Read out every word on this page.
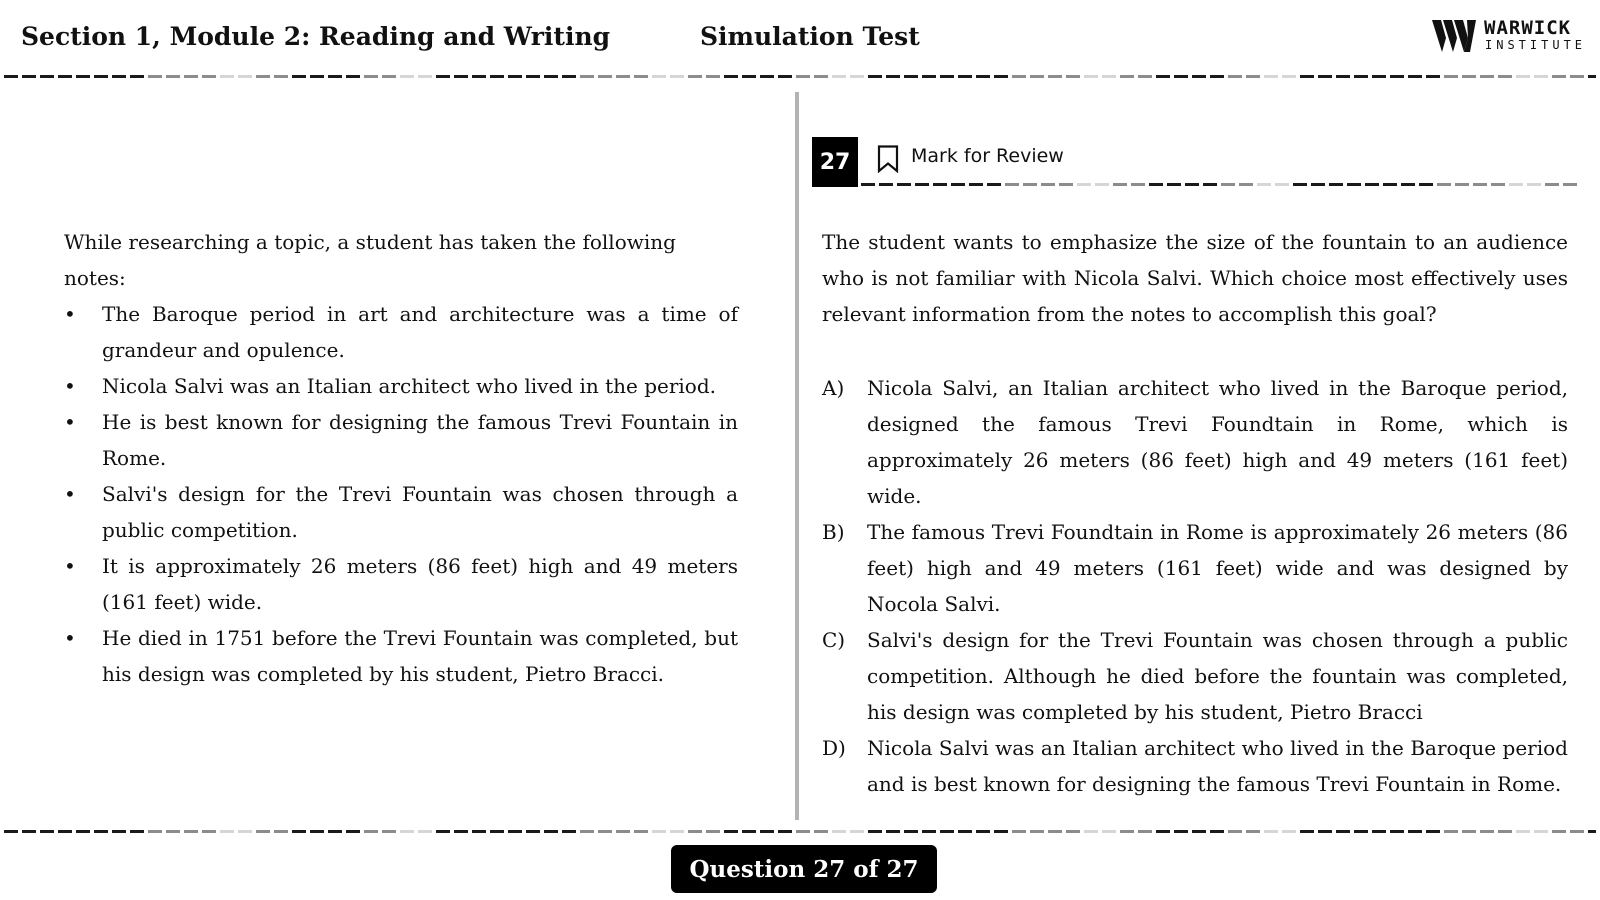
Section 1, Module 2: Reading and Writing	Simulation Test	WARWICK
INSTITUTE

While researching a topic, a student has taken the following notes:

• The Baroque period in art and architecture was a time of grandeur and opulence.
• Nicola Salvi was an Italian architect who lived in the period.
• He is best known for designing the famous Trevi Fountain in Rome.
• Salvi's design for the Trevi Fountain was chosen through a public competition.
• It is approximately 26 meters (86 feet) high and 49 meters (161 feet) wide.
• He died in 1751 before the Trevi Fountain was completed, but his design was completed by his student, Pietro Bracci.
27	Mark for Review

The student wants to emphasize the size of the fountain to an audience who is not familiar with Nicola Salvi. Which choice most effectively uses relevant information from the notes to accomplish this goal?

A) Nicola Salvi, an Italian architect who lived in the Baroque period, designed the famous Trevi Foundtain in Rome, which is approximately 26 meters (86 feet) high and 49 meters (161 feet) wide.
B) The famous Trevi Foundtain in Rome is approximately 26 meters (86 feet) high and 49 meters (161 feet) wide and was designed by Nocola Salvi.
C) Salvi's design for the Trevi Fountain was chosen through a public competition. Although he died before the fountain was completed, his design was completed by his student, Pietro Bracci
D) Nicola Salvi was an Italian architect who lived in the Baroque period and is best known for designing the famous Trevi Fountain in Rome.
Question 27 of 27
